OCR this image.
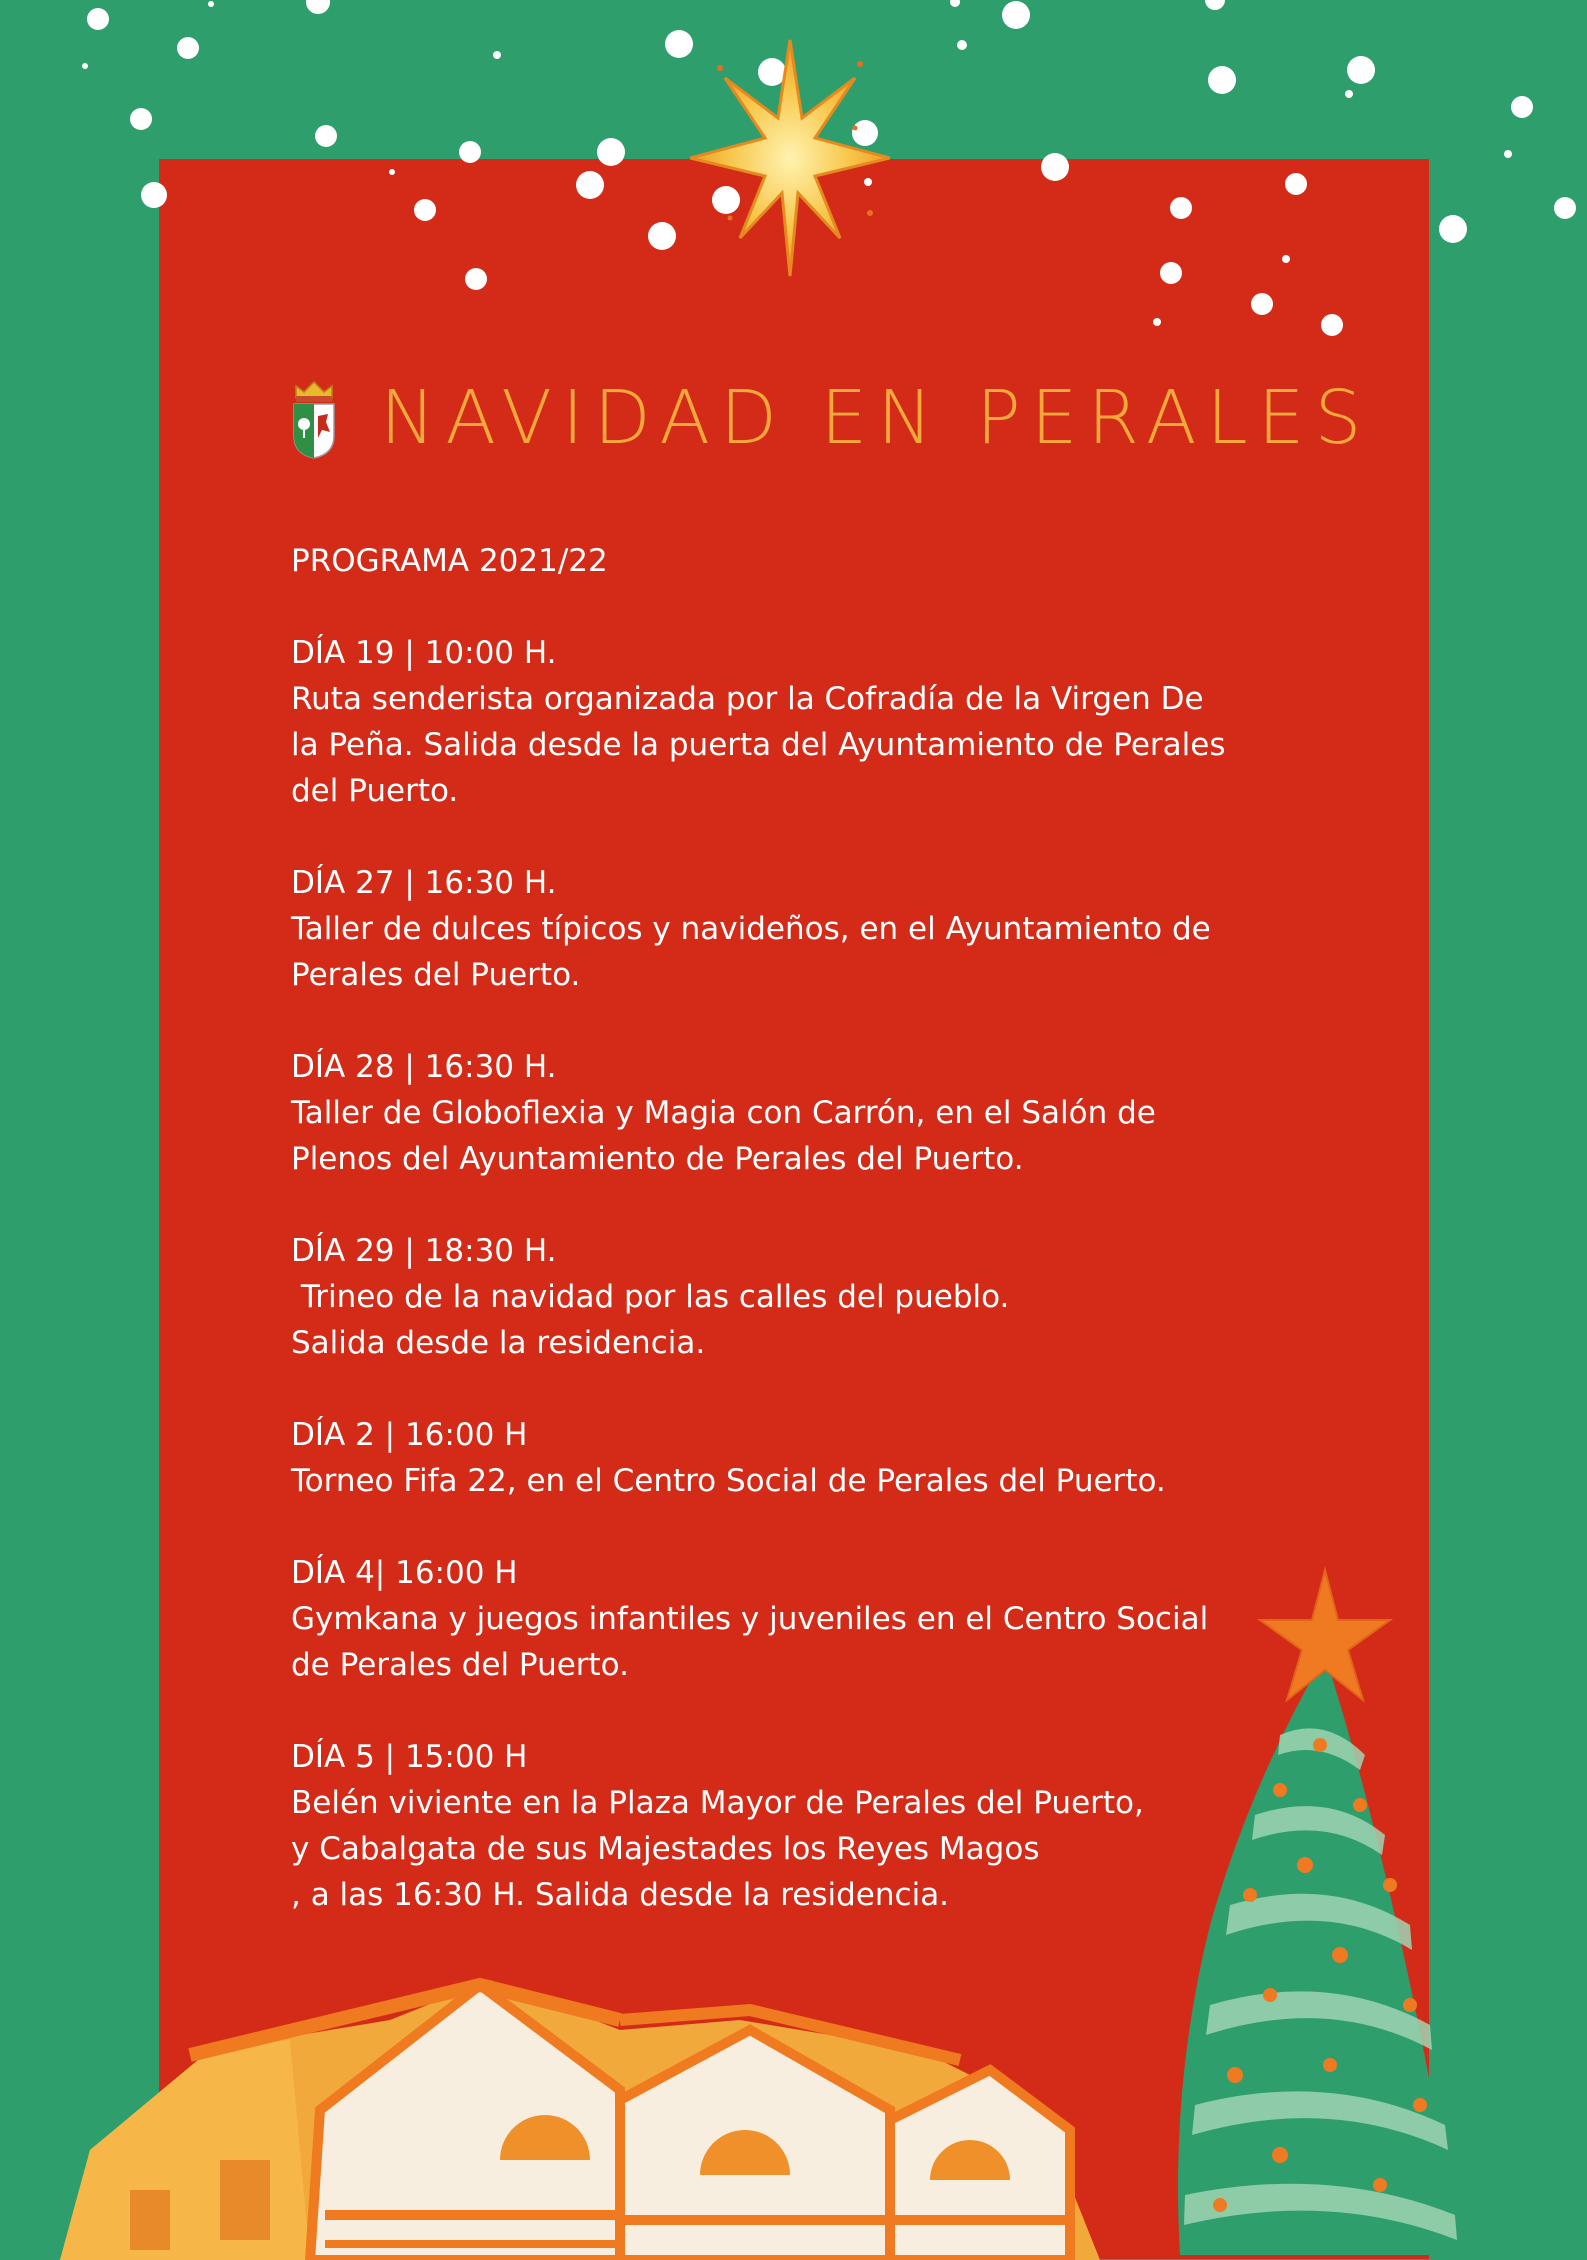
NAVIDAD EN PERALES
PROGRAMA 2021/22
DÍA 19 | 10:00 H.
Ruta senderista organizada por la Cofradía de la Virgen De
la Peña. Salida desde la puerta del Ayuntamiento de Perales
del Puerto.
DÍA 27 | 16:30 H.
Taller de dulces típicos y navideños, en el Ayuntamiento de
Perales del Puerto.
DÍA 28 | 16:30 H.
Taller de Globoflexia y Magia con Carrón, en el Salón de
Plenos del Ayuntamiento de Perales del Puerto.
DÍA 29 | 18:30 H.
Trineo de la navidad por las calles del pueblo.
Salida desde la residencia.
DÍA 2 | 16:00 H
Torneo Fifa 22, en el Centro Social de Perales del Puerto.
DÍA 4| 16:00 H
Gymkana y juegos infantiles y juveniles en el Centro Social
de Perales del Puerto.
DÍA 5 | 15:00 H
Belén viviente en la Plaza Mayor de Perales del Puerto,
y Cabalgata de sus Majestades los Reyes Magos
, a las 16:30 H. Salida desde la residencia.
